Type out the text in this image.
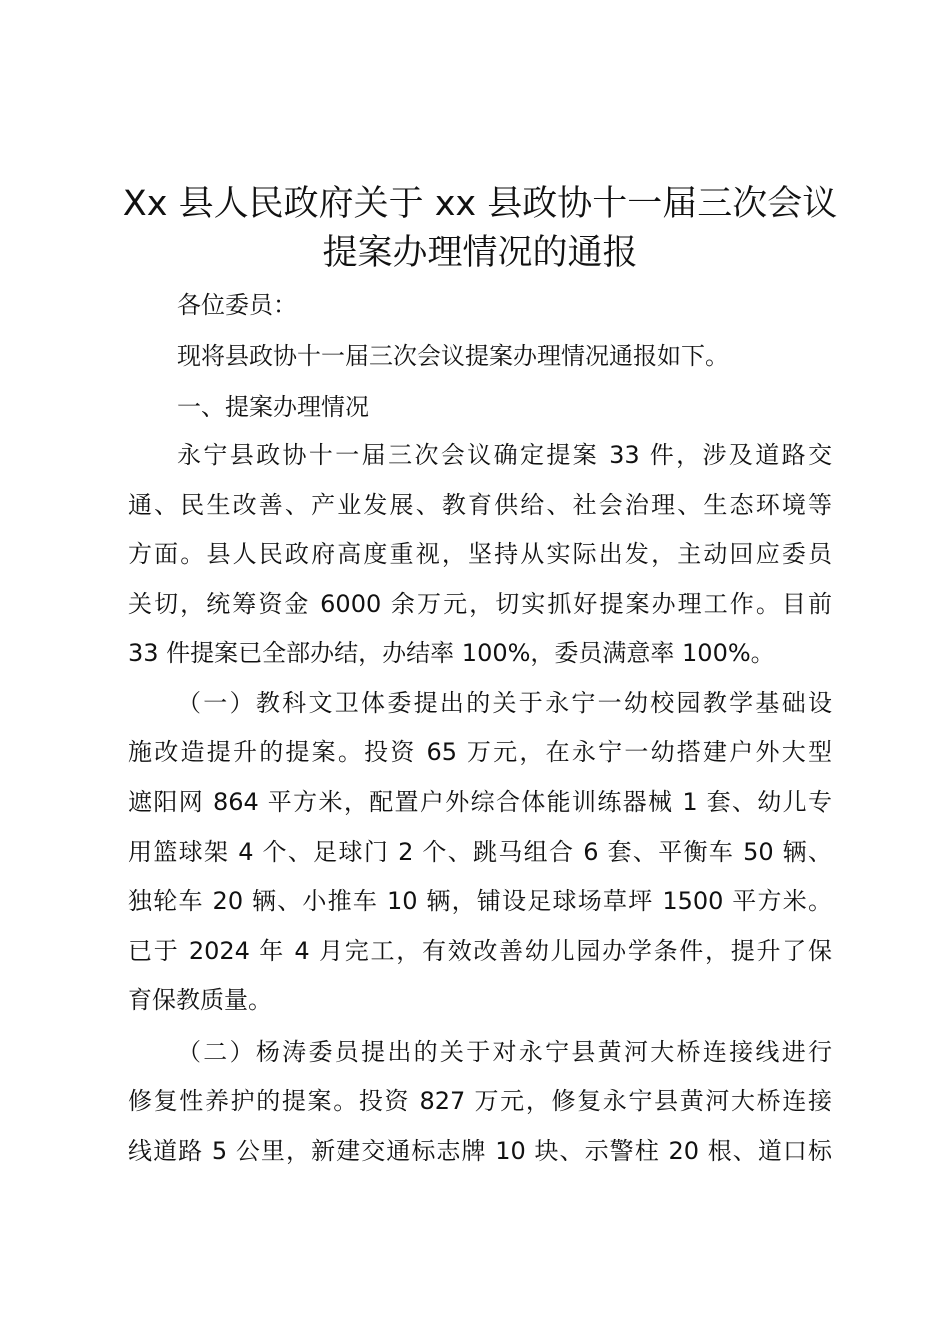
Xx 县人民政府关于 xx 县政协十一届三次会议
提案办理情况的通报

各位委员：

现将县政协十一届三次会议提案办理情况通报如下。

一、提案办理情况

永宁县政协十一届三次会议确定提案 33 件，涉及道路交

通、民生改善、产业发展、教育供给、社会治理、生态环境等

方面。县人民政府高度重视，坚持从实际出发，主动回应委员

关切，统筹资金 6000 余万元，切实抓好提案办理工作。目前

33 件提案已全部办结，办结率 100%，委员满意率 100%。

（一）教科文卫体委提出的关于永宁一幼校园教学基础设

施改造提升的提案。投资 65 万元，在永宁一幼搭建户外大型

遮阳网 864 平方米，配置户外综合体能训练器械 1 套、幼儿专

用篮球架 4 个、足球门 2 个、跳马组合 6 套、平衡车 50 辆、

独轮车 20 辆、小推车 10 辆，铺设足球场草坪 1500 平方米。

已于 2024 年 4 月完工，有效改善幼儿园办学条件，提升了保

育保教质量。

（二）杨涛委员提出的关于对永宁县黄河大桥连接线进行

修复性养护的提案。投资 827 万元，修复永宁县黄河大桥连接

线道路 5 公里，新建交通标志牌 10 块、示警柱 20 根、道口标
